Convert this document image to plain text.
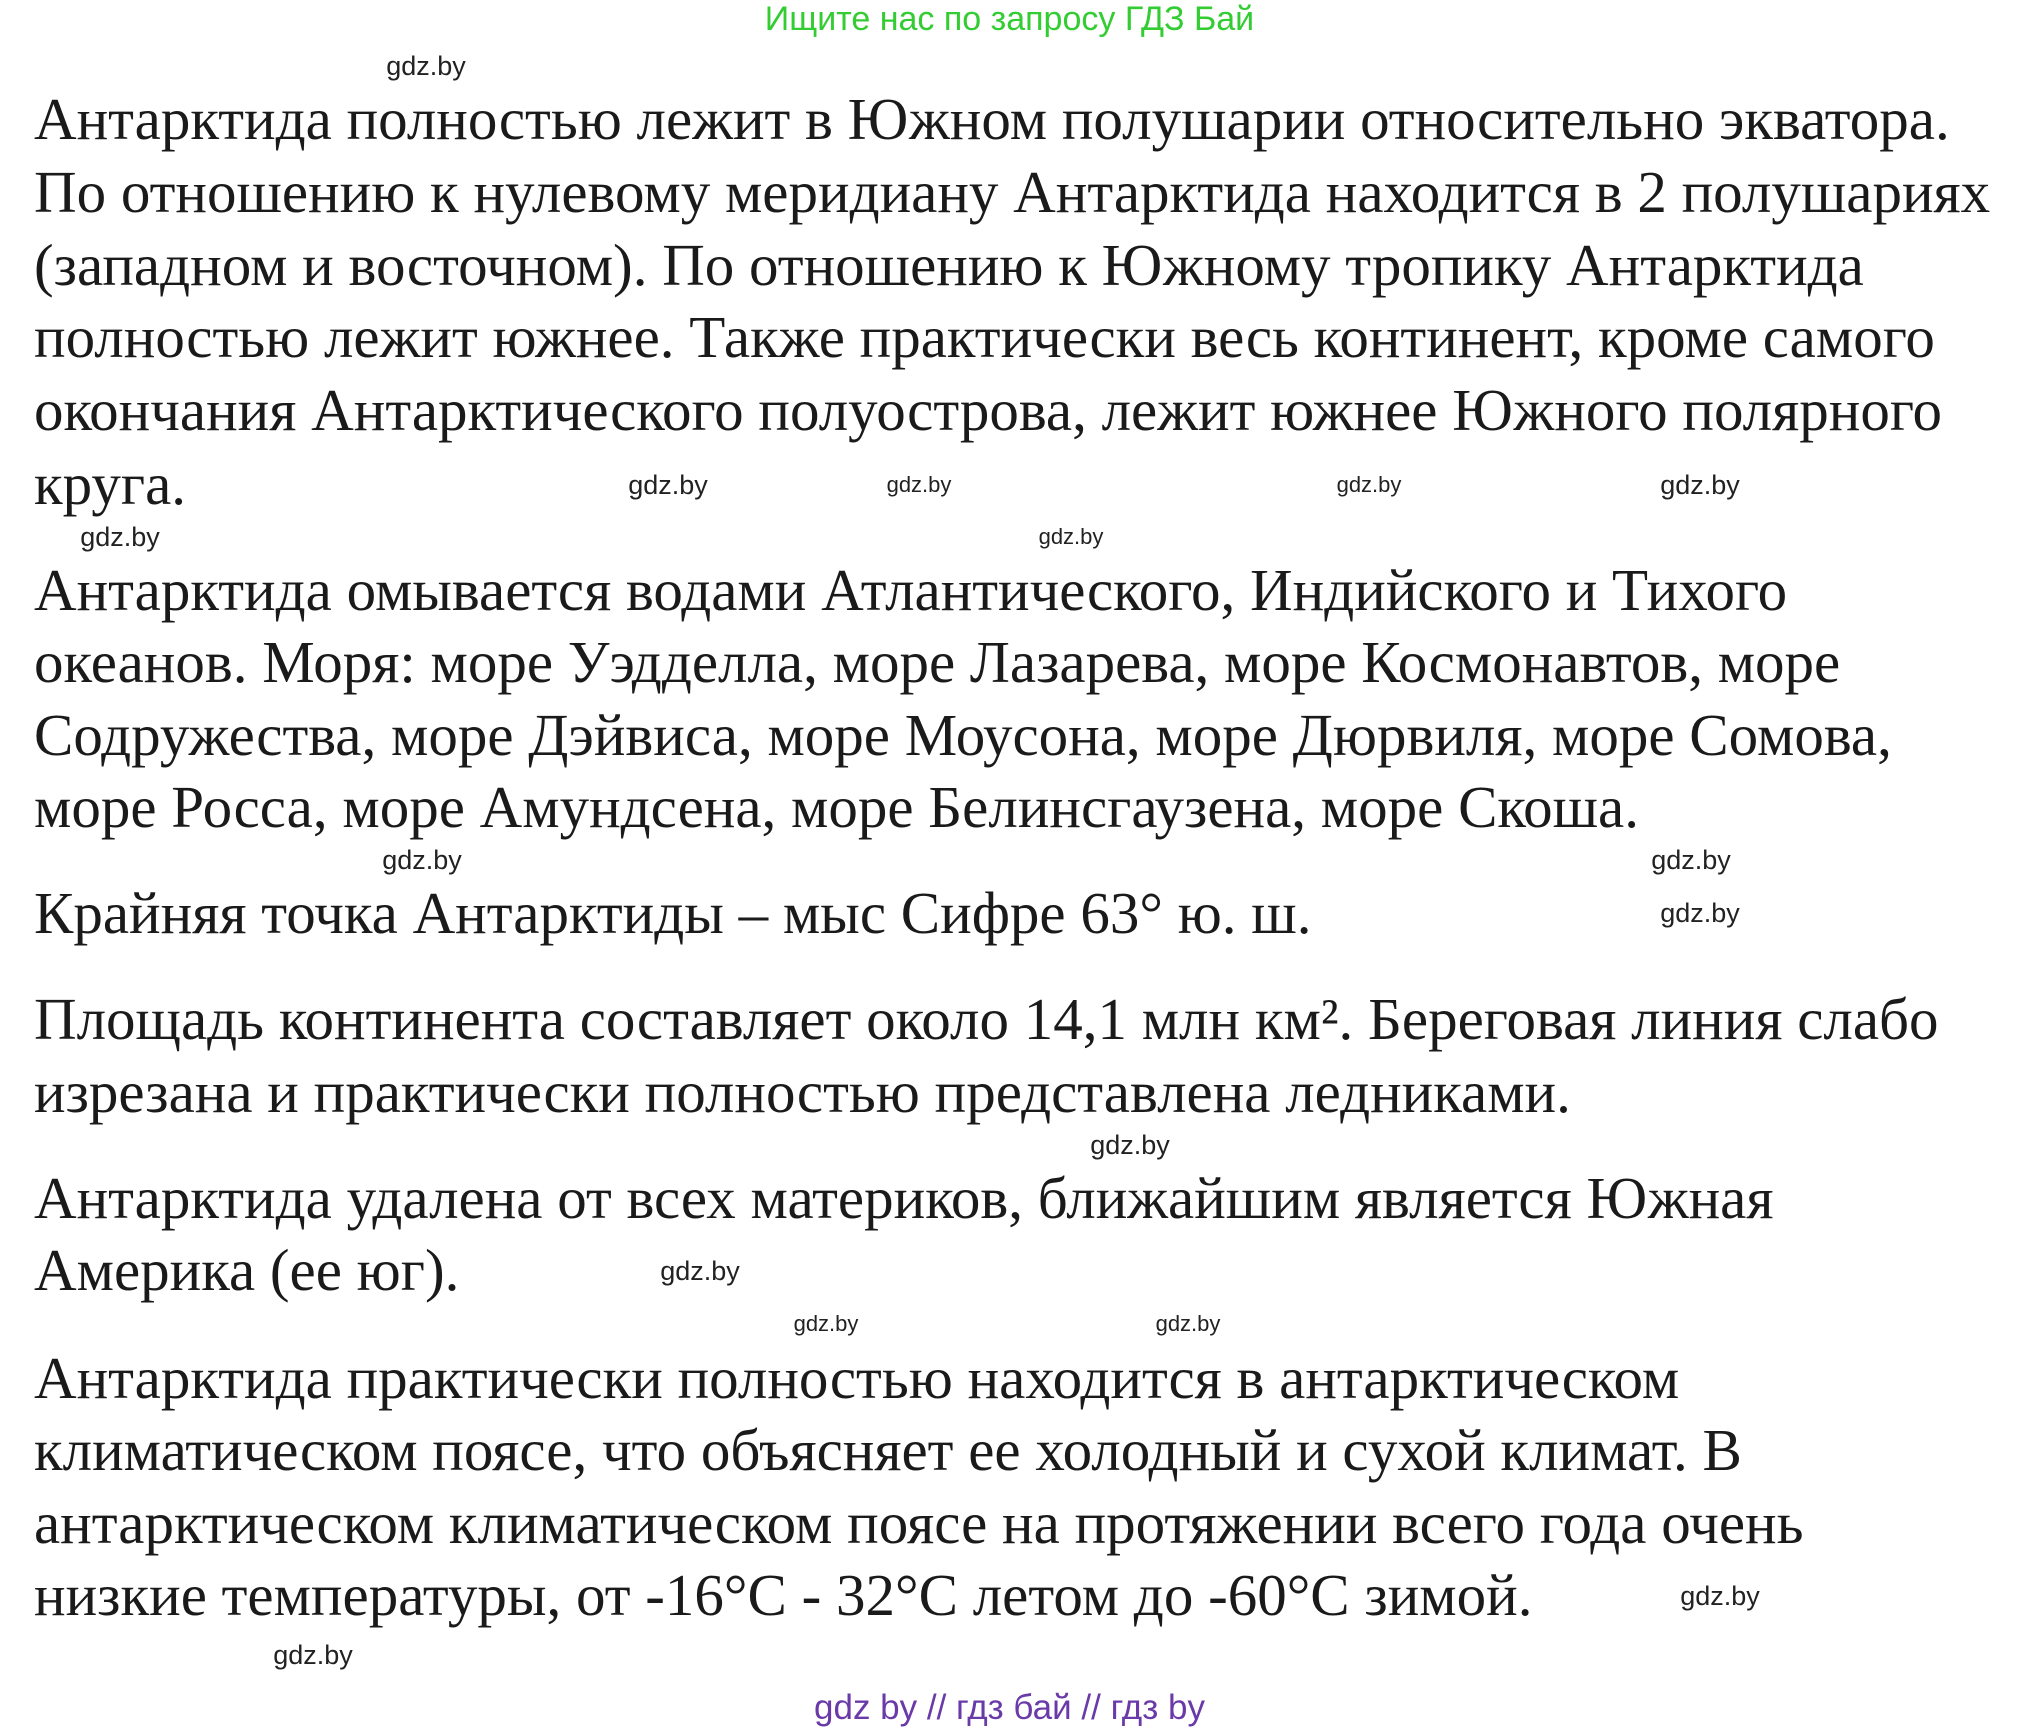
Ищите нас по запросу ГДЗ Бай
Антарктида полностью лежит в Южном полушарии относительно экватора.
По отношению к нулевому меридиану Антарктида находится в 2 полушариях
(западном и восточном). По отношению к Южному тропику Антарктида
полностью лежит южнее. Также практически весь континент, кроме самого
окончания Антарктического полуострова, лежит южнее Южного полярного
круга.
Антарктида омывается водами Атлантического, Индийского и Тихого
океанов. Моря: море Уэдделла, море Лазарева, море Космонавтов, море
Содружества, море Дэйвиса, море Моусона, море Дюрвиля, море Сомова,
море Росса, море Амундсена, море Белинсгаузена, море Скоша.
Крайняя точка Антарктиды – мыс Сифре 63° ю. ш.
Площадь континента составляет около 14,1 млн км². Береговая линия слабо
изрезана и практически полностью представлена ледниками.
Антарктида удалена от всех материков, ближайшим является Южная
Америка (ее юг).
Антарктида практически полностью находится в антарктическом
климатическом поясе, что объясняет ее холодный и сухой климат. В
антарктическом климатическом поясе на протяжении всего года очень
низкие температуры, от -16°С - 32°С летом до -60°С зимой.
gdz.by
gdz.by	gdz.by
gdz.by
gdz.by
gdz.by
gdz.by
gdz.by
gdz.by
gdz.by
gdz.by
gdz.by
gdz.by
gdz.by
gdz.by
gdz.by
gdz by // гдз бай // гдз by
